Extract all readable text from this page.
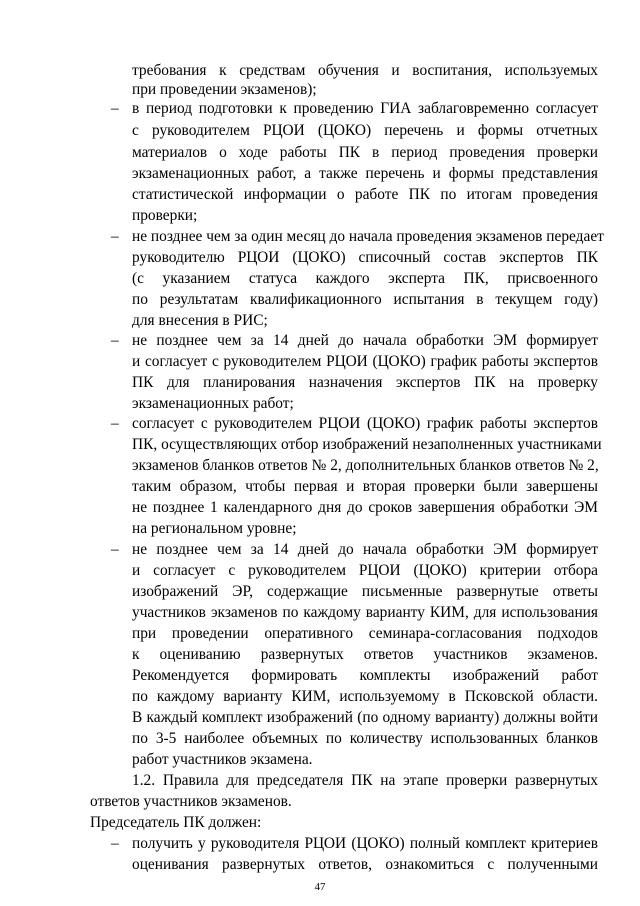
требования к средствам обучения и воспитания, используемых
при проведении экзаменов);
– в период подготовки к проведению ГИА заблаговременно согласует
с руководителем РЦОИ (ЦОКО) перечень и формы отчетных
материалов о ходе работы ПК в период проведения проверки
экзаменационных работ, а также перечень и формы представления
статистической информации о работе ПК по итогам проведения
проверки;
– не позднее чем за один месяц до начала проведения экзаменов передает
руководителю РЦОИ (ЦОКО) списочный состав экспертов ПК
(с указанием статуса каждого эксперта ПК, присвоенного
по результатам квалификационного испытания в текущем году)
для внесения в РИС;
– не позднее чем за 14 дней до начала обработки ЭМ формирует
и согласует с руководителем РЦОИ (ЦОКО) график работы экспертов
ПК для планирования назначения экспертов ПК на проверку
экзаменационных работ;
– согласует с руководителем РЦОИ (ЦОКО) график работы экспертов
ПК, осуществляющих отбор изображений незаполненных участниками
экзаменов бланков ответов № 2, дополнительных бланков ответов № 2,
таким образом, чтобы первая и вторая проверки были завершены
не позднее 1 календарного дня до сроков завершения обработки ЭМ
на региональном уровне;
– не позднее чем за 14 дней до начала обработки ЭМ формирует
и согласует с руководителем РЦОИ (ЦОКО) критерии отбора
изображений ЭР, содержащие письменные развернутые ответы
участников экзаменов по каждому варианту КИМ, для использования
при проведении оперативного семинара-согласования подходов
к оцениванию развернутых ответов участников экзаменов.
Рекомендуется формировать комплекты изображений работ
по каждому варианту КИМ, используемому в Псковской области.
В каждый комплект изображений (по одному варианту) должны войти
по 3-5 наиболее объемных по количеству использованных бланков
работ участников экзамена.
1.2. Правила для председателя ПК на этапе проверки развернутых
ответов участников экзаменов.
Председатель ПК должен:
– получить у руководителя РЦОИ (ЦОКО) полный комплект критериев
оценивания развернутых ответов, ознакомиться с полученными
47
